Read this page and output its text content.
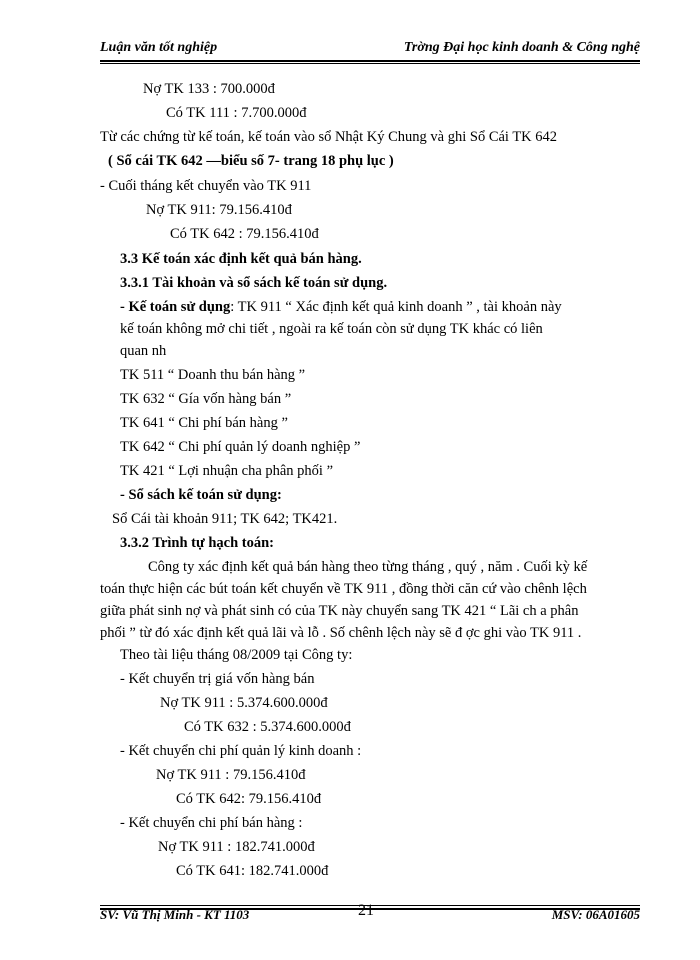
Luận văn tốt nghiệp	Trờng Đại học kinh doanh & Công nghệ
Nợ TK 133 : 700.000đ
Có TK 111 : 7.700.000đ
Từ các chứng từ kế toán, kế toán vào sổ Nhật Ký Chung và ghi Sổ Cái TK 642
( Sổ cái TK 642 —biểu số 7- trang 18 phụ lục )
- Cuối tháng kết chuyển vào TK 911
Nợ TK 911: 79.156.410đ
Có TK 642 : 79.156.410đ
3.3 Kế toán xác định kết quả bán hàng.
3.3.1 Tài khoản và sổ sách kế toán sử dụng.
- Kế toán sử dụng: TK 911 “ Xác định kết quả kinh doanh ” , tài khoản này
kế toán không mở chi tiết , ngoài ra kế toán còn sử dụng TK khác có liên
quan nh
TK 511 “ Doanh thu bán hàng ”
TK 632 “ Gía vốn hàng bán ”
TK 641 “ Chi phí bán hàng ”
TK 642 “ Chi phí quản lý doanh nghiệp ”
TK 421 “ Lợi nhuận cha phân phối ”
- Sổ sách kế toán sử dụng:
Sổ Cái tài khoản 911; TK 642; TK421.
3.3.2 Trình tự hạch toán:
Công ty xác định kết quả bán hàng theo từng tháng , quý , năm . Cuối kỳ kế
toán thực hiện các bút toán kết chuyển về TK 911 , đồng thời căn cứ vào chênh lệch
giữa phát sinh nợ và phát sinh có của TK này chuyển sang TK 421 “ Lãi ch a phân
phối ” từ đó xác định kết quả lãi và lỗ . Số chênh lệch này sẽ đ ợc ghi vào TK 911 .
Theo tài liệu tháng 08/2009 tại Công ty:
- Kết chuyển trị giá vốn hàng bán
Nợ TK 911 : 5.374.600.000đ
Có TK 632 : 5.374.600.000đ
- Kết chuyển chi phí quản lý kinh doanh :
Nợ TK 911 : 79.156.410đ
Có TK 642: 79.156.410đ
- Kết chuyển chi phí bán hàng :
Nợ TK 911 : 182.741.000đ
Có TK 641: 182.741.000đ
SV: Vũ Thị Minh - KT 1103	21	MSV: 06A01605
